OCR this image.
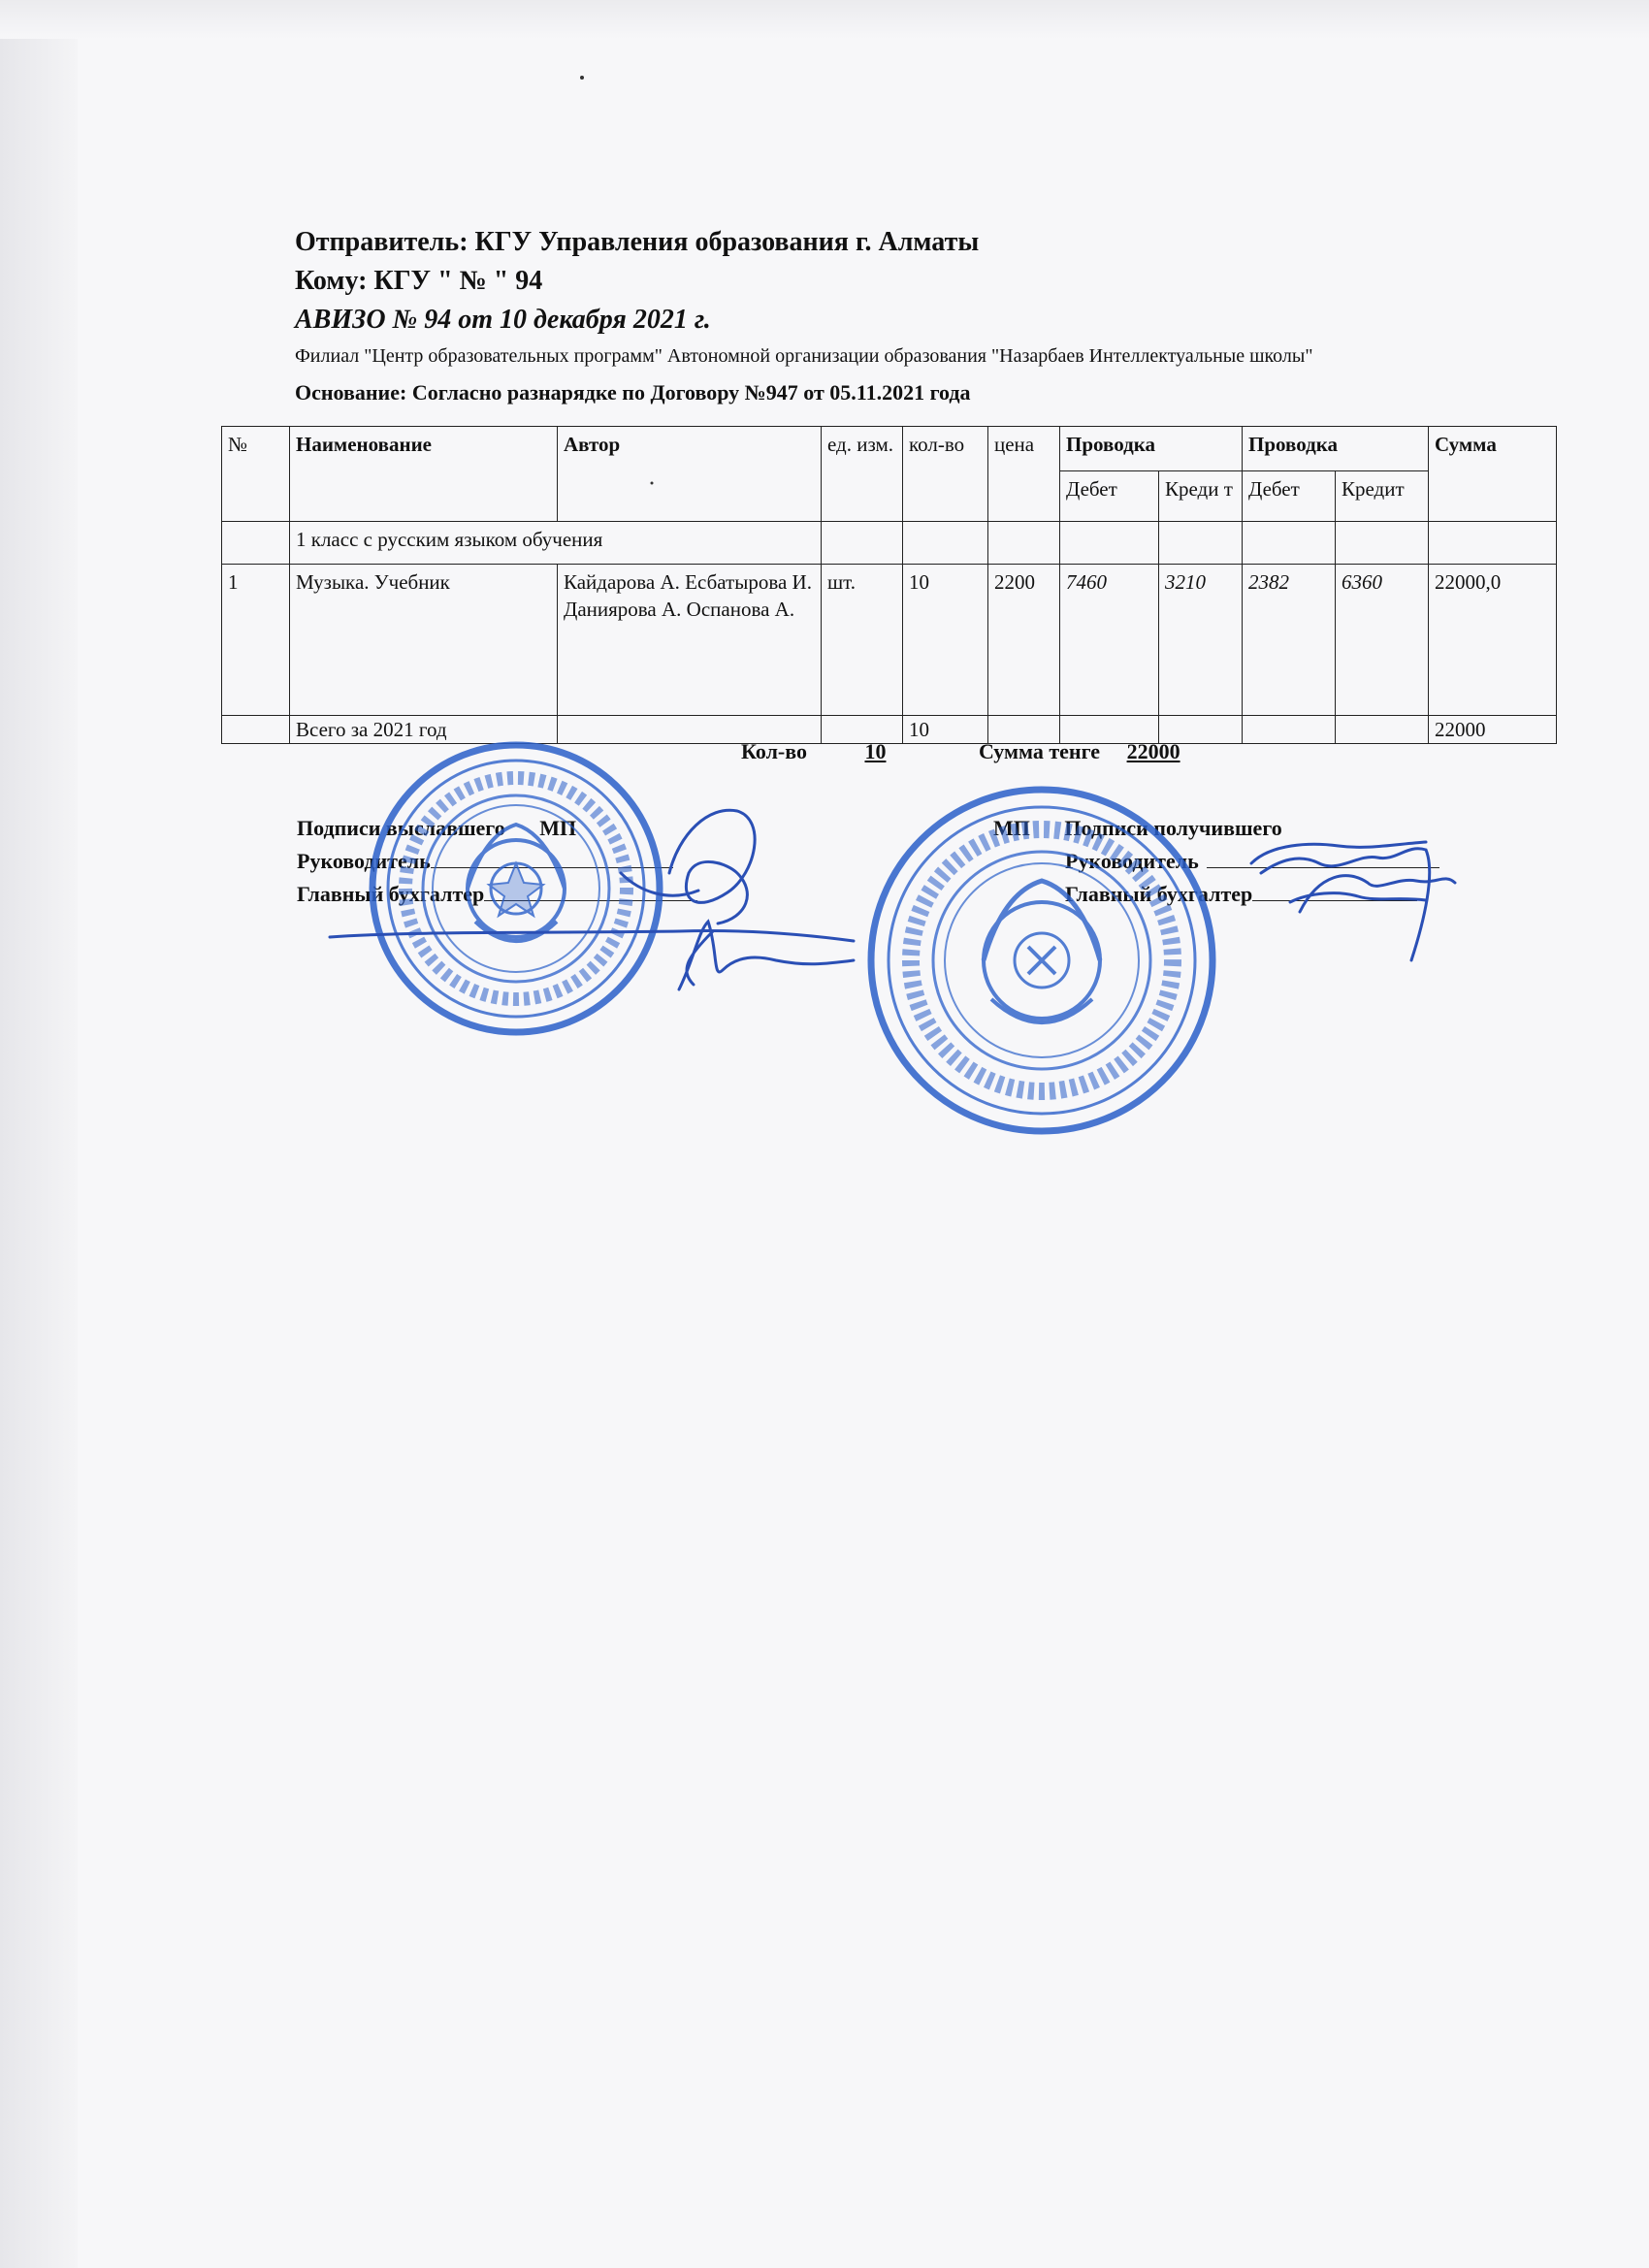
Отправитель: КГУ Управления образования г. Алматы
Кому: КГУ " № " 94
АВИЗО № 94 от 10 декабря 2021 г.
Филиал "Центр образовательных программ" Автономной организации образования "Назарбаев Интеллектуальные школы"
Основание: Согласно разнарядке по Договору №947 от 05.11.2021 года
№	Наименование	Автор	ед. изм.	кол-во	цена	Проводка		Проводка		Сумма
						Дебет	Креди т	Дебет	Кредит	
	1 класс с русским языком обучения									
1	Музыка. Учебник	Кайдарова А. Есбатырова И. Даниярова А. Оспанова А.	шт.	10	2200	7460	3210	2382	6360	22000,0
	Всего за 2021 год			10						22000
Кол-во	10	Сумма тенге 22000
Подписи выславшего МП
Руководитель
Главный бухгалтер
МП Подписи получившего
Руководитель
Главный бухгалтер
